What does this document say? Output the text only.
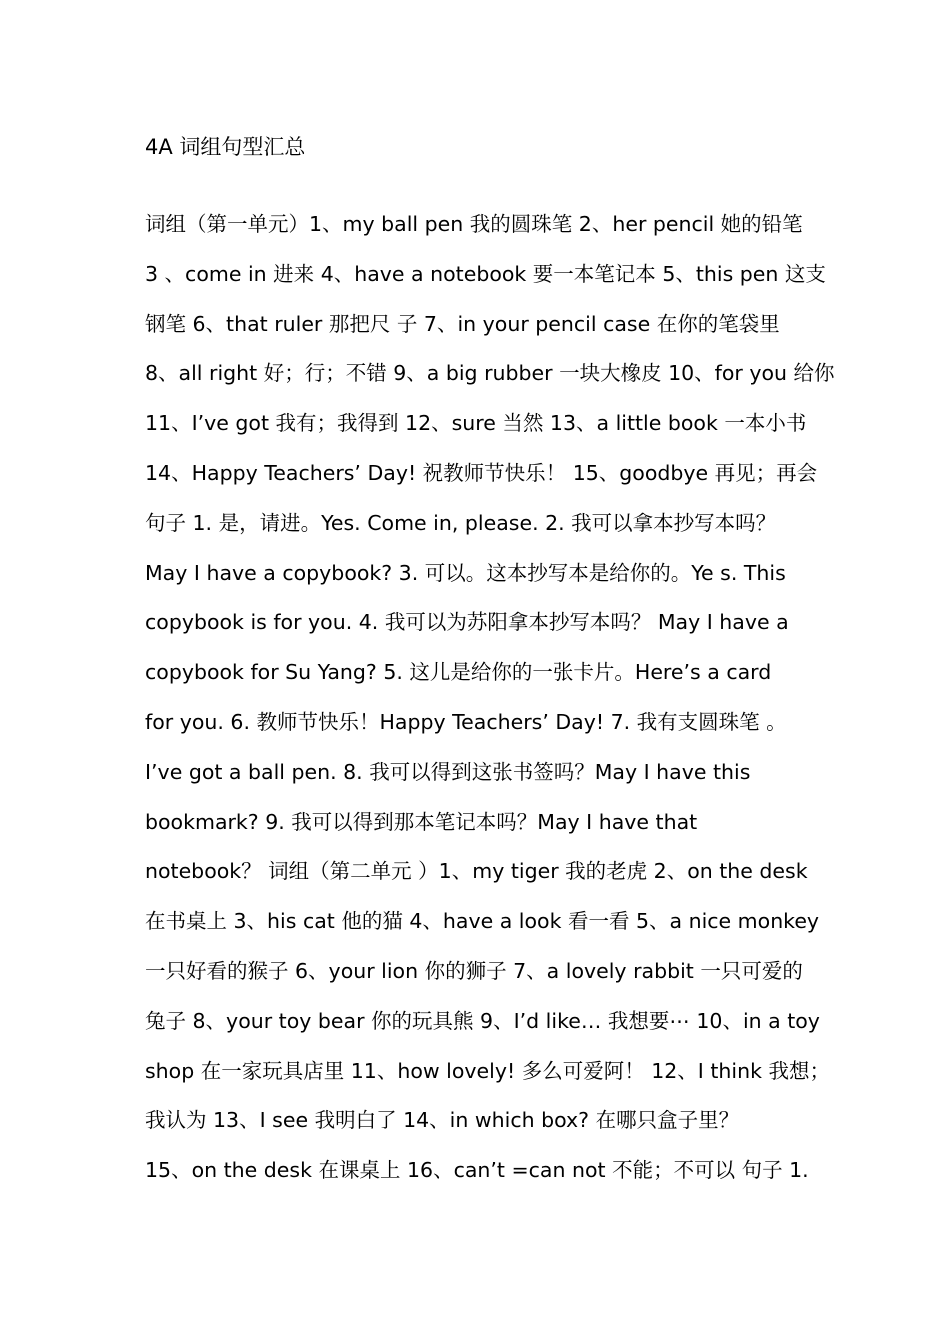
4A 词组句型汇总
词组（第一单元）1、my ball pen 我的圆珠笔 2、her pencil 她的铅笔
3 、come in 进来 4、have a notebook 要一本笔记本 5、this pen 这支
钢笔 6、that ruler 那把尺 子 7、in your pencil case 在你的笔袋里
8、all right 好；行；不错 9、a big rubber 一块大橡皮 10、for you 给你
11、I’ve got 我有；我得到 12、sure 当然 13、a little book 一本小书
14、Happy Teachers’ Day! 祝教师节快乐！ 15、goodbye 再见；再会
句子 1. 是，请进。Yes. Come in, please. 2. 我可以拿本抄写本吗？
May I have a copybook? 3. 可以。这本抄写本是给你的。Ye s. This
copybook is for you. 4. 我可以为苏阳拿本抄写本吗？ May I have a
copybook for Su Yang? 5. 这儿是给你的一张卡片。Here’s a card
for you. 6. 教师节快乐！Happy Teachers’ Day! 7. 我有支圆珠笔 。
I’ve got a ball pen. 8. 我可以得到这张书签吗？May I have this
bookmark? 9. 我可以得到那本笔记本吗？May I have that
notebook？ 词组（第二单元 ）1、my tiger 我的老虎 2、on the desk
在书桌上 3、his cat 他的猫 4、have a look 看一看 5、a nice monkey
一只好看的猴子 6、your lion 你的狮子 7、a lovely rabbit 一只可爱的
兔子 8、your toy bear 你的玩具熊 9、I’d like… 我想要⋯ 10、in a toy
shop 在一家玩具店里 11、how lovely! 多么可爱阿！ 12、I think 我想；
我认为 13、I see 我明白了 14、in which box? 在哪只盒子里？
15、on the desk 在课桌上 16、can’t =can not 不能；不可以 句子 1.
